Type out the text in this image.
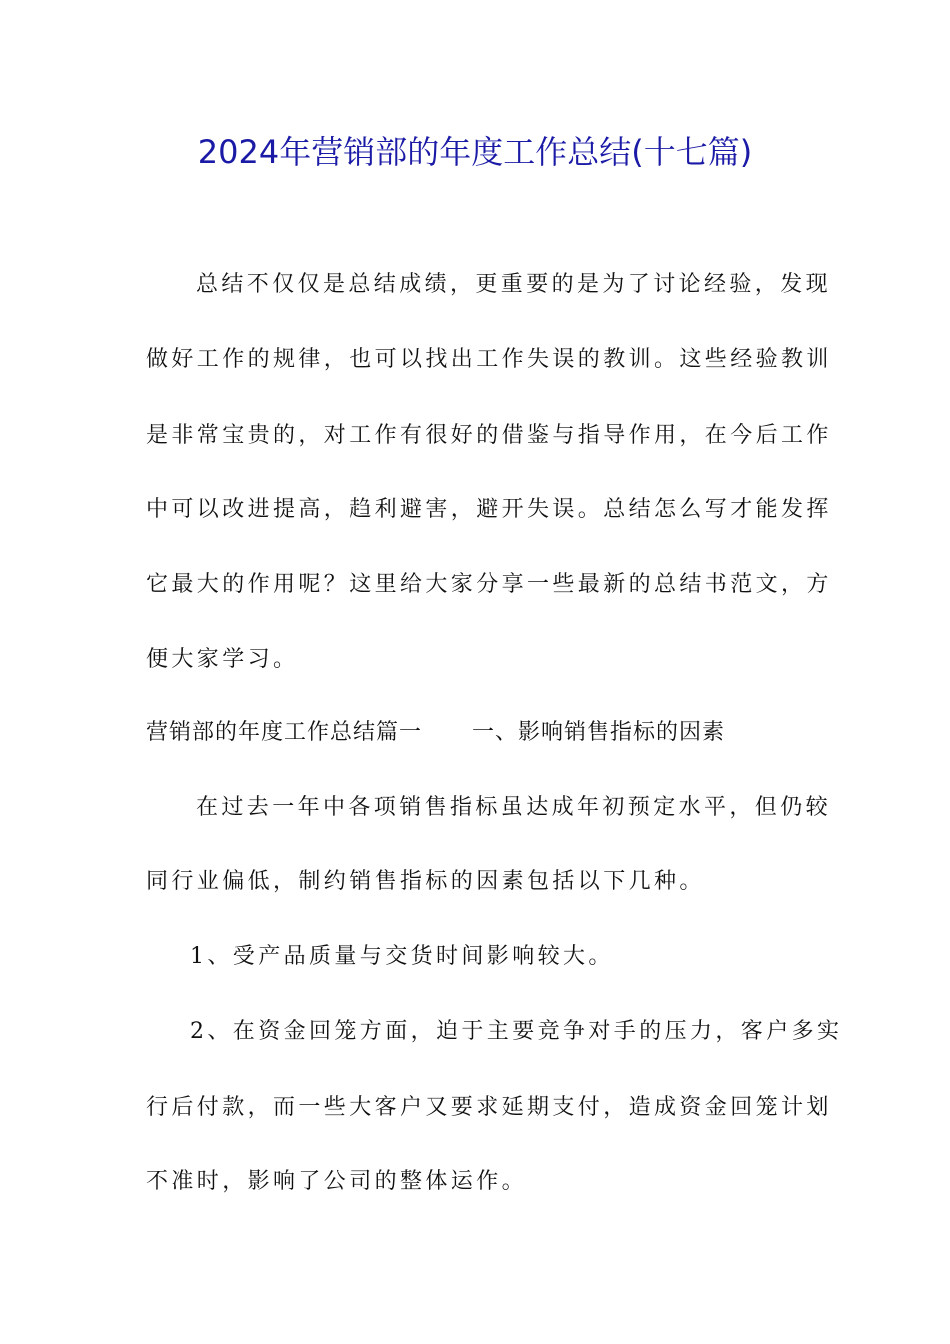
2024年营销部的年度工作总结(十七篇)
总结不仅仅是总结成绩，更重要的是为了讨论经验，发现
做好工作的规律，也可以找出工作失误的教训。这些经验教训
是非常宝贵的，对工作有很好的借鉴与指导作用，在今后工作
中可以改进提高，趋利避害，避开失误。总结怎么写才能发挥
它最大的作用呢？这里给大家分享一些最新的总结书范文，方
便大家学习。
营销部的年度工作总结篇一 一、影响销售指标的因素
在过去一年中各项销售指标虽达成年初预定水平，但仍较
同行业偏低，制约销售指标的因素包括以下几种。
1、受产品质量与交货时间影响较大。
2、在资金回笼方面，迫于主要竞争对手的压力，客户多实
行后付款，而一些大客户又要求延期支付，造成资金回笼计划
不准时，影响了公司的整体运作。
